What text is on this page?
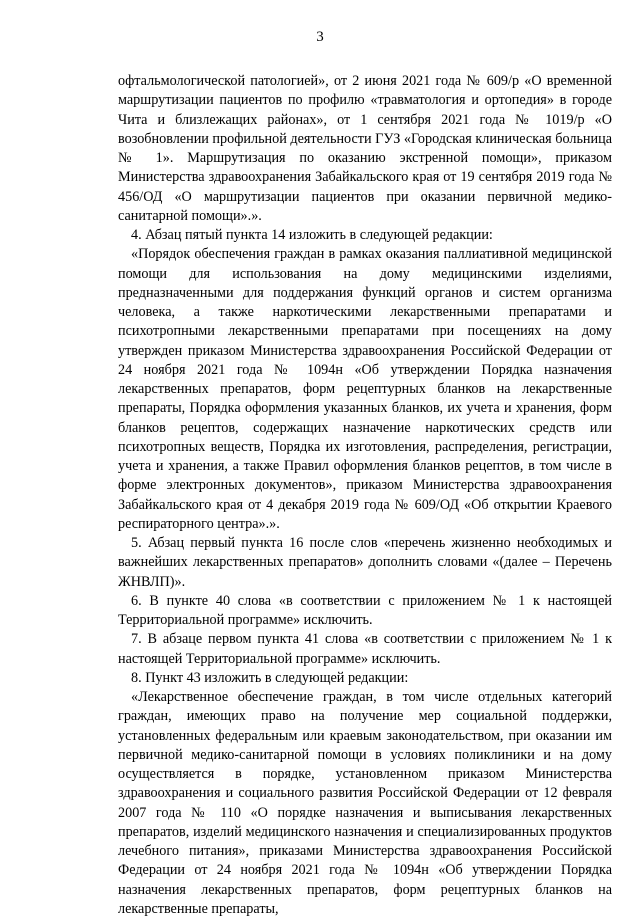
3

офтальмологической патологией», от 2 июня 2021 года № 609/р «О временной маршрутизации пациентов по профилю «травматология и ортопедия» в городе Чита и близлежащих районах», от 1 сентября 2021 года № 1019/р «О возобновлении профильной деятельности ГУЗ «Городская клиническая больница № 1». Маршрутизация по оказанию экстренной помощи», приказом Министерства здравоохранения Забайкальского края от 19 сентября 2019 года № 456/ОД «О маршрутизации пациентов при оказании первичной медико-санитарной помощи».».

4. Абзац пятый пункта 14 изложить в следующей редакции:

«Порядок обеспечения граждан в рамках оказания паллиативной медицинской помощи для использования на дому медицинскими изделиями, предназначенными для поддержания функций органов и систем организма человека, а также наркотическими лекарственными препаратами и психотропными лекарственными препаратами при посещениях на дому утвержден приказом Министерства здравоохранения Российской Федерации от 24 ноября 2021 года № 1094н «Об утверждении Порядка назначения лекарственных препаратов, форм рецептурных бланков на лекарственные препараты, Порядка оформления указанных бланков, их учета и хранения, форм бланков рецептов, содержащих назначение наркотических средств или психотропных веществ, Порядка их изготовления, распределения, регистрации, учета и хранения, а также Правил оформления бланков рецептов, в том числе в форме электронных документов», приказом Министерства здравоохранения Забайкальского края от 4 декабря 2019 года № 609/ОД «Об открытии Краевого респираторного центра».».

5. Абзац первый пункта 16 после слов «перечень жизненно необходимых и важнейших лекарственных препаратов» дополнить словами «(далее – Перечень ЖНВЛП)».

6. В пункте 40 слова «в соответствии с приложением № 1 к настоящей Территориальной программе» исключить.

7. В абзаце первом пункта 41 слова «в соответствии с приложением № 1 к настоящей Территориальной программе» исключить.

8. Пункт 43 изложить в следующей редакции:

«Лекарственное обеспечение граждан, в том числе отдельных категорий граждан, имеющих право на получение мер социальной поддержки, установленных федеральным или краевым законодательством, при оказании им первичной медико-санитарной помощи в условиях поликлиники и на дому осуществляется в порядке, установленном приказом Министерства здравоохранения и социального развития Российской Федерации от 12 февраля 2007 года № 110 «О порядке назначения и выписывания лекарственных препаратов, изделий медицинского назначения и специализированных продуктов лечебного питания», приказами Министерства здравоохранения Российской Федерации от 24 ноября 2021 года № 1094н «Об утверждении Порядка назначения лекарственных препаратов, форм рецептурных бланков на лекарственные препараты,
